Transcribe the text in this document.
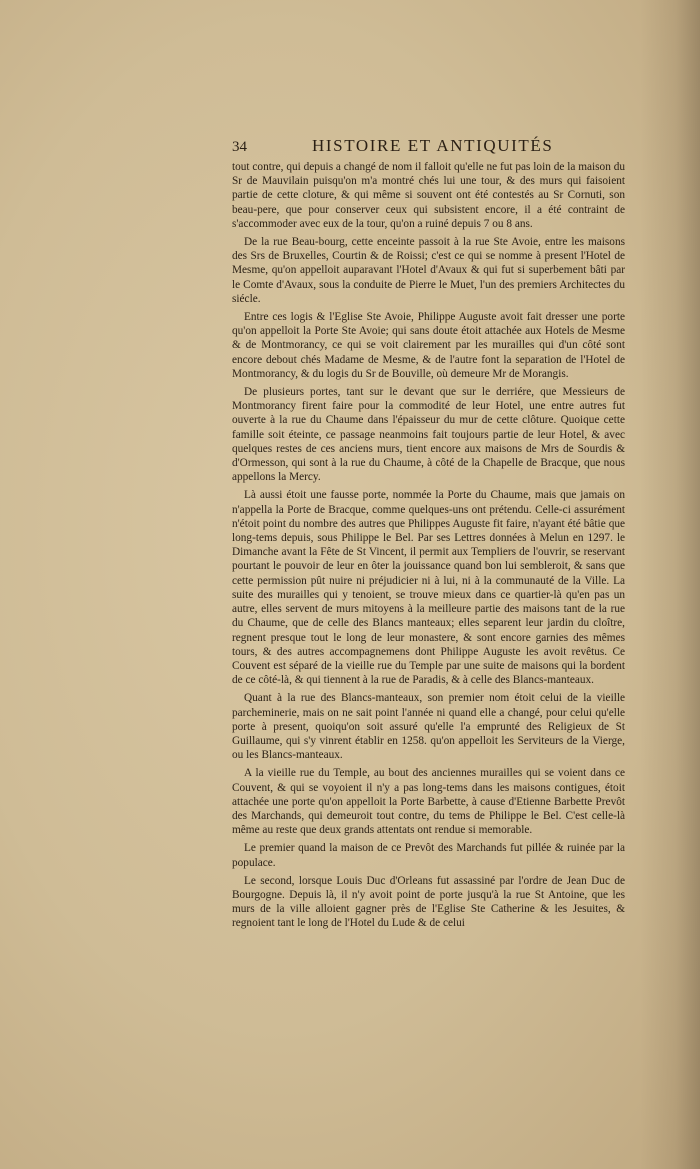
34	HISTOIRE ET ANTIQUITÉS

tout contre, qui depuis a changé de nom il falloit qu'elle ne fut pas loin de la maison du Sr de Mauvilain puisqu'on m'a montré chés lui une tour, & des murs qui faisoient partie de cette cloture, & qui même si souvent ont été contestés au Sr Cornuti, son beau-pere, que pour conserver ceux qui subsistent encore, il a été contraint de s'accommoder avec eux de la tour, qu'on a ruiné depuis 7 ou 8 ans.

De la rue Beau-bourg, cette enceinte passoit à la rue Ste Avoie, entre les maisons des Srs de Bruxelles, Courtin & de Roissi; c'est ce qui se nomme à present l'Hotel de Mesme, qu'on appelloit auparavant l'Hotel d'Avaux & qui fut si superbement bâti par le Comte d'Avaux, sous la conduite de Pierre le Muet, l'un des premiers Architectes du siécle.

Entre ces logis & l'Eglise Ste Avoie, Philippe Auguste avoit fait dresser une porte qu'on appelloit la Porte Ste Avoie; qui sans doute étoit attachée aux Hotels de Mesme & de Montmorancy, ce qui se voit clairement par les murailles qui d'un côté sont encore debout chés Madame de Mesme, & de l'autre font la separation de l'Hotel de Montmorancy, & du logis du Sr de Bouville, où demeure Mr de Morangis.

De plusieurs portes, tant sur le devant que sur le derriére, que Messieurs de Montmorancy firent faire pour la commodité de leur Hotel, une entre autres fut ouverte à la rue du Chaume dans l'épaisseur du mur de cette clôture. Quoique cette famille soit éteinte, ce passage neanmoins fait toujours partie de leur Hotel, & avec quelques restes de ces anciens murs, tient encore aux maisons de Mrs de Sourdis & d'Ormesson, qui sont à la rue du Chaume, à côté de la Chapelle de Bracque, que nous appellons la Mercy.

Là aussi étoit une fausse porte, nommée la Porte du Chaume, mais que jamais on n'appella la Porte de Bracque, comme quelques-uns ont prétendu. Celle-ci assurément n'étoit point du nombre des autres que Philippes Auguste fit faire, n'ayant été bâtie que long-tems depuis, sous Philippe le Bel. Par ses Lettres données à Melun en 1297. le Dimanche avant la Fête de St Vincent, il permit aux Templiers de l'ouvrir, se reservant pourtant le pouvoir de leur en ôter la jouissance quand bon lui sembleroit, & sans que cette permission pût nuire ni préjudicier ni à lui, ni à la communauté de la Ville. La suite des murailles qui y tenoient, se trouve mieux dans ce quartier-là qu'en pas un autre, elles servent de murs mitoyens à la meilleure partie des maisons tant de la rue du Chaume, que de celle des Blancs manteaux; elles separent leur jardin du cloître, regnent presque tout le long de leur monastere, & sont encore garnies des mêmes tours, & des autres accompagnemens dont Philippe Auguste les avoit revêtus. Ce Couvent est séparé de la vieille rue du Temple par une suite de maisons qui la bordent de ce côté-là, & qui tiennent à la rue de Paradis, & à celle des Blancs-manteaux.

Quant à la rue des Blancs-manteaux, son premier nom étoit celui de la vieille parcheminerie, mais on ne sait point l'année ni quand elle a changé, pour celui qu'elle porte à present, quoiqu'on soit assuré qu'elle l'a emprunté des Religieux de St Guillaume, qui s'y vinrent établir en 1258. qu'on appelloit les Serviteurs de la Vierge, ou les Blancs-manteaux.

A la vieille rue du Temple, au bout des anciennes murailles qui se voient dans ce Couvent, & qui se voyoient il n'y a pas long-tems dans les maisons contigues, étoit attachée une porte qu'on appelloit la Porte Barbette, à cause d'Etienne Barbette Prevôt des Marchands, qui demeuroit tout contre, du tems de Philippe le Bel. C'est celle-là même au reste que deux grands attentats ont rendue si memorable.

Le premier quand la maison de ce Prevôt des Marchands fut pillée & ruinée par la populace.

Le second, lorsque Louis Duc d'Orleans fut assassiné par l'ordre de Jean Duc de Bourgogne. Depuis là, il n'y avoit point de porte jusqu'à la rue St Antoine, que les murs de la ville alloient gagner près de l'Eglise Ste Catherine & les Jesuites, & regnoient tant le long de l'Hotel du Lude & de celui
